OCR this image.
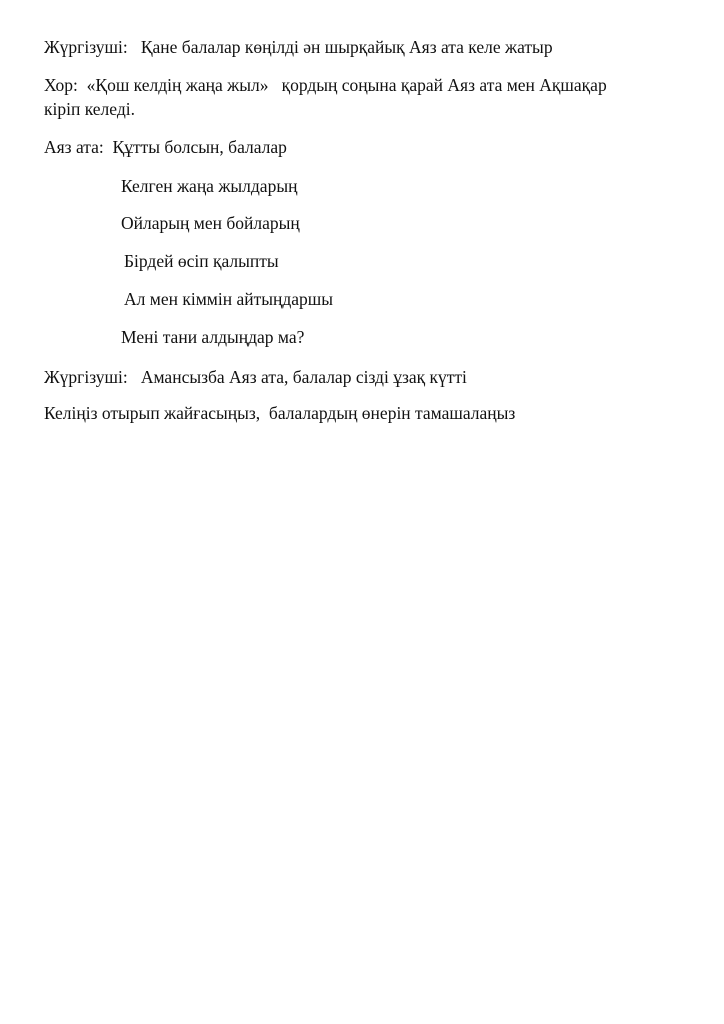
Жүргізуші:   Қане балалар көңілді ән шырқайық Аяз ата келе жатыр
Хор:  «Қош келдің жаңа жыл»   қордың соңына қарай Аяз ата мен Ақшақар
кіріп келеді.
Аяз ата:  Құтты болсын, балалар
Келген жаңа жылдарың
Ойларың мен бойларың
Бірдей өсіп қалыпты
Ал мен кіммін айтыңдаршы
Мені тани алдыңдар ма?
Жүргізуші:   Амансызба Аяз ата, балалар сізді ұзақ күтті
Келіңіз отырып жайғасыңыз,  балалардың өнерін тамашалаңыз
